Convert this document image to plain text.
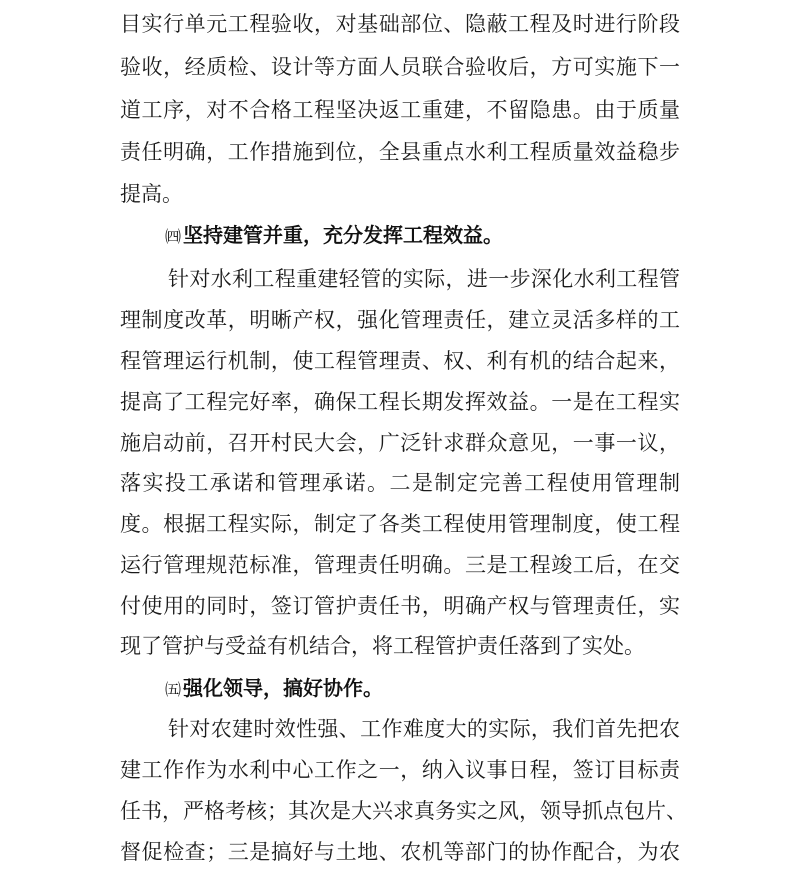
目实行单元工程验收，对基础部位、隐蔽工程及时进行阶段

验收，经质检、设计等方面人员联合验收后，方可实施下一

道工序，对不合格工程坚决返工重建，不留隐患。由于质量

责任明确，工作措施到位，全县重点水利工程质量效益稳步

提高。

㈣ 坚持建管并重，充分发挥工程效益。

针对水利工程重建轻管的实际，进一步深化水利工程管

理制度改革，明晰产权，强化管理责任，建立灵活多样的工

程管理运行机制，使工程管理责、权、利有机的结合起来，

提高了工程完好率，确保工程长期发挥效益。一是在工程实

施启动前，召开村民大会，广泛针求群众意见，一事一议，

落实投工承诺和管理承诺。二是制定完善工程使用管理制

度。根据工程实际，制定了各类工程使用管理制度，使工程

运行管理规范标准，管理责任明确。三是工程竣工后，在交

付使用的同时，签订管护责任书，明确产权与管理责任，实

现了管护与受益有机结合，将工程管护责任落到了实处。

㈤ 强化领导，搞好协作。

针对农建时效性强、工作难度大的实际，我们首先把农

建工作作为水利中心工作之一，纳入议事日程，签订目标责

任书，严格考核；其次是大兴求真务实之风，领导抓点包片、

督促检查；三是搞好与土地、农机等部门的协作配合，为农
